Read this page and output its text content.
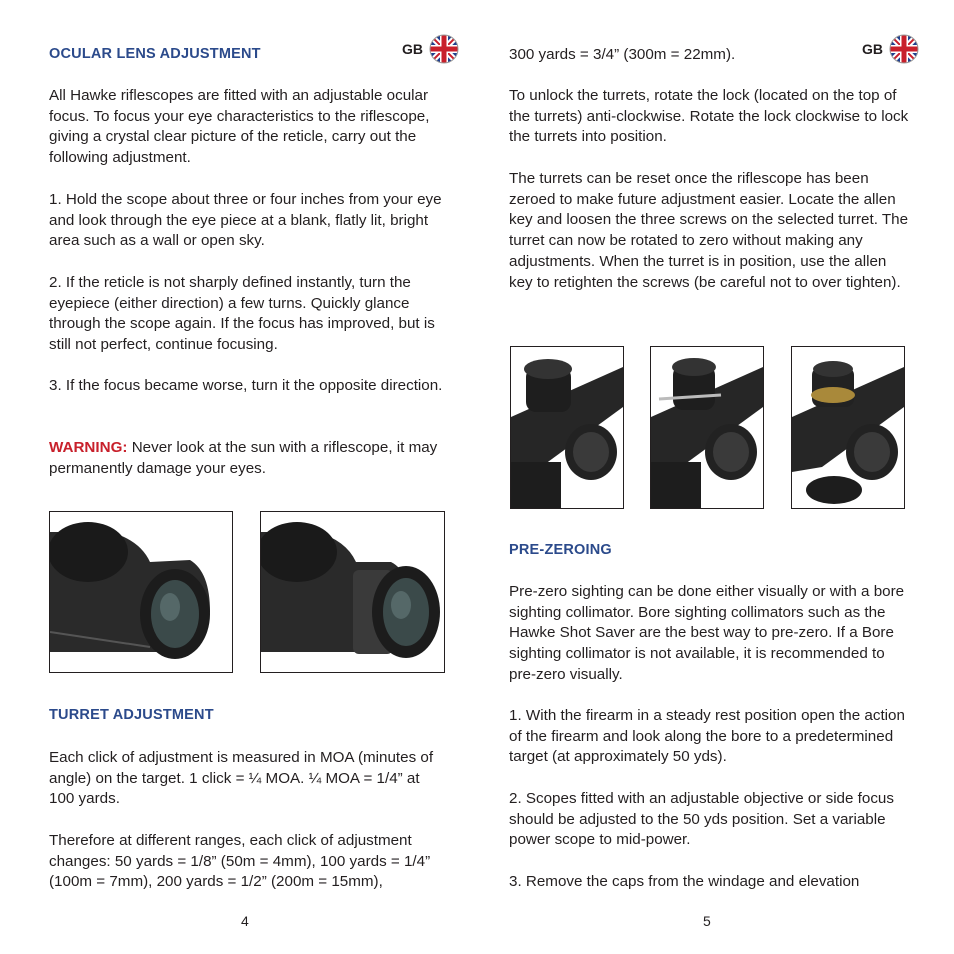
OCULAR LENS ADJUSTMENT	GB

All Hawke riflescopes are fitted with an adjustable ocular focus. To focus your eye characteristics to the riflescope, giving a crystal clear picture of the reticle, carry out the following adjustment.

1. Hold the scope about three or four inches from your eye and look through the eye piece at a blank, flatly lit, bright area such as a wall or open sky.

2. If the reticle is not sharply defined instantly, turn the eyepiece (either direction) a few turns. Quickly glance through the scope again. If the focus has improved, but is still not perfect, continue focusing.

3. If the focus became worse, turn it the opposite direction.

WARNING: Never look at the sun with a riflescope, it may permanently damage your eyes.

TURRET ADJUSTMENT

Each click of adjustment is measured in MOA (minutes of angle) on the target. 1 click = ¼ MOA. ¼ MOA = 1/4” at 100 yards.

Therefore at different ranges, each click of adjustment changes: 50 yards = 1/8” (50m = 4mm), 100 yards = 1/4” (100m = 7mm), 200 yards = 1/2” (200m = 15mm),

4
GB

300 yards = 3/4” (300m = 22mm).

To unlock the turrets, rotate the lock (located on the top of the turrets) anti-clockwise. Rotate the lock clockwise to lock the turrets into position.

The turrets can be reset once the riflescope has been zeroed to make future adjustment easier. Locate the allen key and loosen the three screws on the selected turret. The turret can now be rotated to zero without making any adjustments. When the turret is in position, use the allen key to retighten the screws (be careful not to over tighten).

PRE-ZEROING

Pre-zero sighting can be done either visually or with a bore sighting collimator. Bore sighting collimators such as the Hawke Shot Saver are the best way to pre-zero. If a Bore sighting collimator is not available, it is recommended to pre-zero visually.

1. With the firearm in a steady rest position open the action of the firearm and look along the bore to a predetermined target (at approximately 50 yds).

2. Scopes fitted with an adjustable objective or side focus should be adjusted to the 50 yds position. Set a variable power scope to mid-power.

3. Remove the caps from the windage and elevation

5
